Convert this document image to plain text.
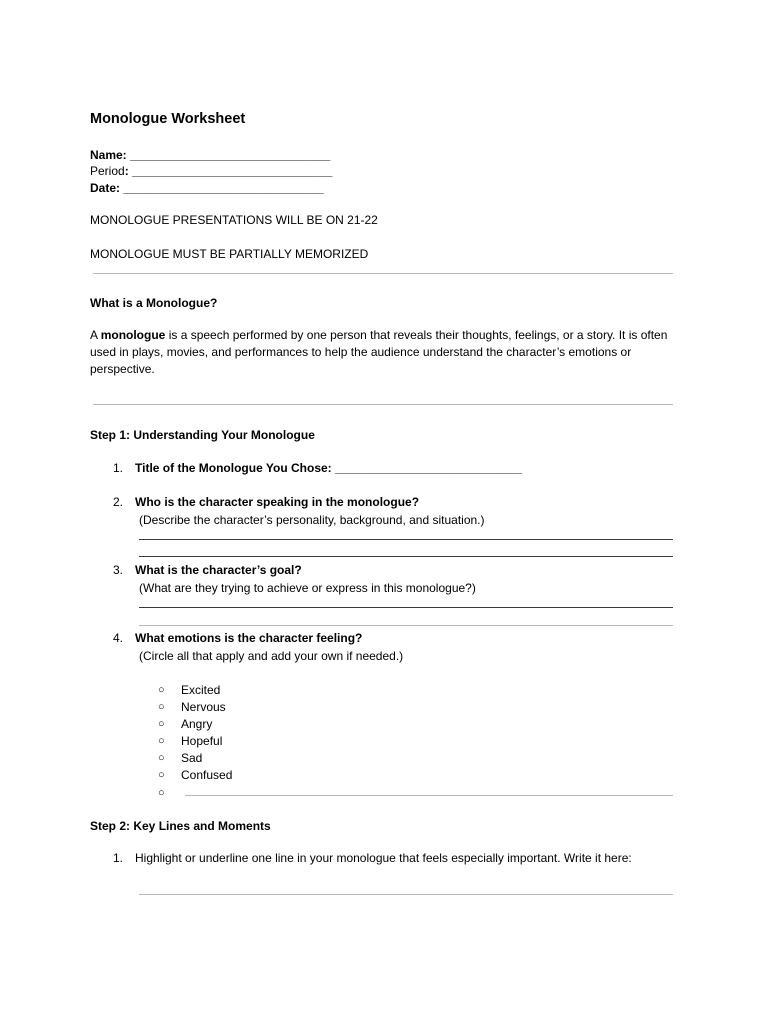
Monologue Worksheet
Name: ______________________________
Period: ______________________________
Date: ______________________________
MONOLOGUE PRESENTATIONS WILL BE ON 21-22
MONOLOGUE MUST BE PARTIALLY MEMORIZED
What is a Monologue?
A monologue is a speech performed by one person that reveals their thoughts, feelings, or a story. It is often used in plays, movies, and performances to help the audience understand the character’s emotions or perspective.
Step 1: Understanding Your Monologue
1. Title of the Monologue You Chose: ____________________________
2. Who is the character speaking in the monologue?
(Describe the character’s personality, background, and situation.)
3. What is the character’s goal?
(What are they trying to achieve or express in this monologue?)
4. What emotions is the character feeling?
(Circle all that apply and add your own if needed.)
○ Excited
○ Nervous
○ Angry
○ Hopeful
○ Sad
○ Confused
○
Step 2: Key Lines and Moments
1. Highlight or underline one line in your monologue that feels especially important. Write it here:
